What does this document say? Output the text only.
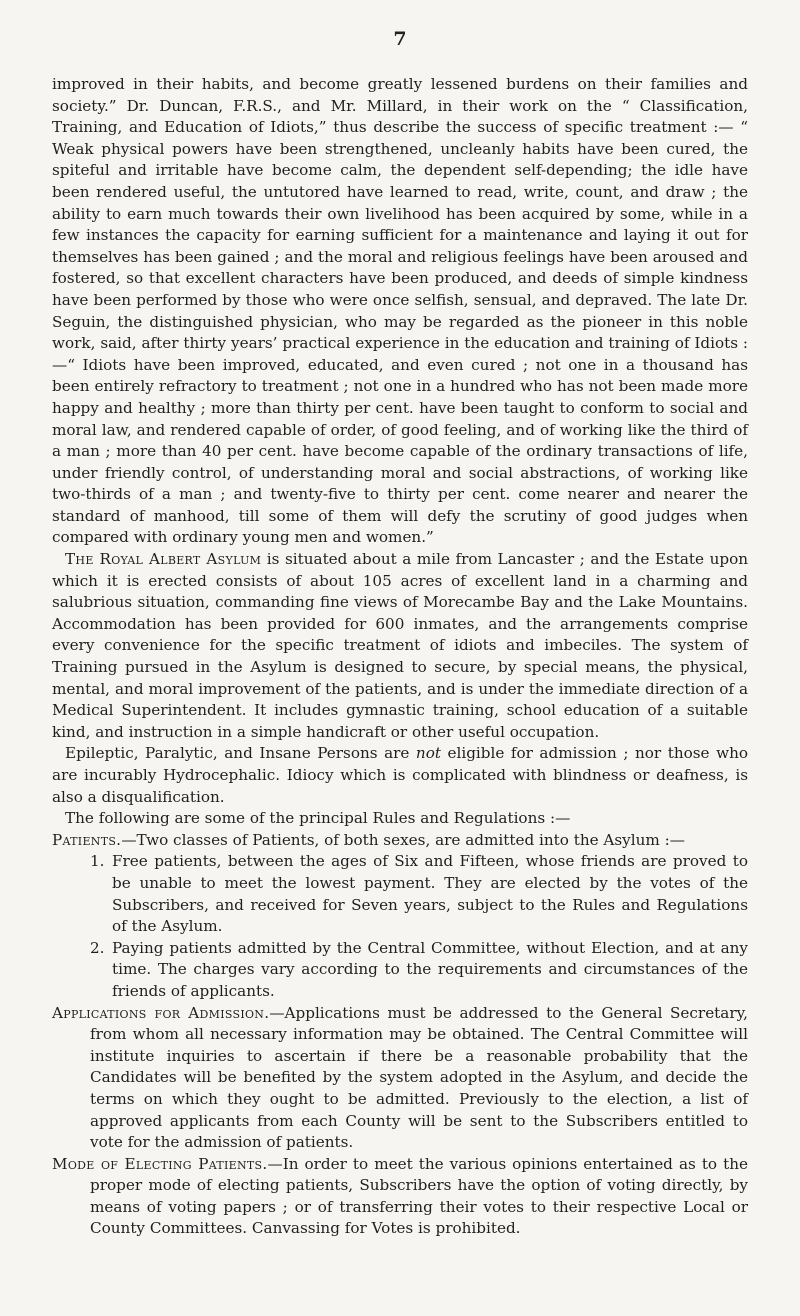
7

improved in their habits, and become greatly lessened burdens on their families and society.” Dr. Duncan, F.R.S., and Mr. Millard, in their work on the “ Classification, Training, and Education of Idiots,” thus describe the success of specific treatment :— “ Weak physical powers have been strengthened, uncleanly habits have been cured, the spiteful and irritable have become calm, the dependent self-depending; the idle have been rendered useful, the untutored have learned to read, write, count, and draw ; the ability to earn much towards their own livelihood has been acquired by some, while in a few instances the capacity for earning sufficient for a maintenance and laying it out for themselves has been gained ; and the moral and religious feelings have been aroused and fostered, so that excellent characters have been produced, and deeds of simple kindness have been performed by those who were once selfish, sensual, and depraved. The late Dr. Seguin, the distinguished physician, who may be regarded as the pioneer in this noble work, said, after thirty years’ practical experience in the education and training of Idiots :—“ Idiots have been improved, educated, and even cured ; not one in a thousand has been entirely refractory to treatment ; not one in a hundred who has not been made more happy and healthy ; more than thirty per cent. have been taught to conform to social and moral law, and rendered capable of order, of good feeling, and of working like the third of a man ; more than 40 per cent. have become capable of the ordinary transactions of life, under friendly control, of understanding moral and social abstractions, of working like two-thirds of a man ; and twenty-five to thirty per cent. come nearer and nearer the standard of manhood, till some of them will defy the scrutiny of good judges when compared with ordinary young men and women.”

The Royal Albert Asylum is situated about a mile from Lancaster ; and the Estate upon which it is erected consists of about 105 acres of excellent land in a charming and salubrious situation, commanding fine views of Morecambe Bay and the Lake Mountains. Accommodation has been provided for 600 inmates, and the arrangements comprise every convenience for the specific treatment of idiots and imbeciles. The system of Training pursued in the Asylum is designed to secure, by special means, the physical, mental, and moral improvement of the patients, and is under the immediate direction of a Medical Superintendent. It includes gymnastic training, school education of a suitable kind, and instruction in a simple handicraft or other useful occupation.

Epileptic, Paralytic, and Insane Persons are not eligible for admission ; nor those who are incurably Hydrocephalic. Idiocy which is complicated with blindness or deafness, is also a disqualification.

The following are some of the principal Rules and Regulations :—

Patients.—Two classes of Patients, of both sexes, are admitted into the Asylum :—

1. Free patients, between the ages of Six and Fifteen, whose friends are proved to be unable to meet the lowest payment. They are elected by the votes of the Subscribers, and received for Seven years, subject to the Rules and Regulations of the Asylum.
2. Paying patients admitted by the Central Committee, without Election, and at any time. The charges vary according to the requirements and circumstances of the friends of applicants.

Applications for Admission.—Applications must be addressed to the General Secretary, from whom all necessary information may be obtained. The Central Committee will institute inquiries to ascertain if there be a reasonable probability that the Candidates will be benefited by the system adopted in the Asylum, and decide the terms on which they ought to be admitted. Previously to the election, a list of approved applicants from each County will be sent to the Subscribers entitled to vote for the admission of patients.

Mode of Electing Patients.—In order to meet the various opinions entertained as to the proper mode of electing patients, Subscribers have the option of voting directly, by means of voting papers ; or of transferring their votes to their respective Local or County Committees. Canvassing for Votes is prohibited.
